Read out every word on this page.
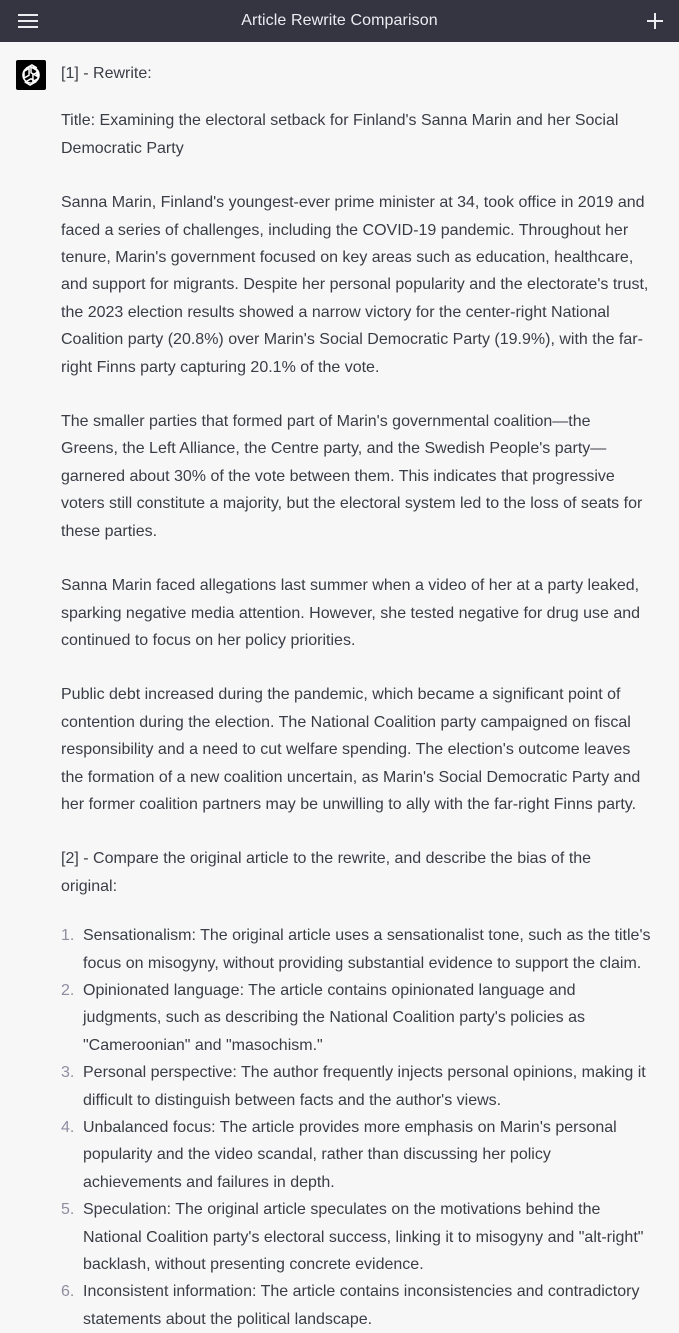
Article Rewrite Comparison

[1] - Rewrite:

Title: Examining the electoral setback for Finland's Sanna Marin and her Social Democratic Party

Sanna Marin, Finland's youngest-ever prime minister at 34, took office in 2019 and faced a series of challenges, including the COVID-19 pandemic. Throughout her tenure, Marin's government focused on key areas such as education, healthcare, and support for migrants. Despite her personal popularity and the electorate's trust, the 2023 election results showed a narrow victory for the center-right National Coalition party (20.8%) over Marin's Social Democratic Party (19.9%), with the far-right Finns party capturing 20.1% of the vote.

The smaller parties that formed part of Marin's governmental coalition—the Greens, the Left Alliance, the Centre party, and the Swedish People's party—garnered about 30% of the vote between them. This indicates that progressive voters still constitute a majority, but the electoral system led to the loss of seats for these parties.

Sanna Marin faced allegations last summer when a video of her at a party leaked, sparking negative media attention. However, she tested negative for drug use and continued to focus on her policy priorities.

Public debt increased during the pandemic, which became a significant point of contention during the election. The National Coalition party campaigned on fiscal responsibility and a need to cut welfare spending. The election's outcome leaves the formation of a new coalition uncertain, as Marin's Social Democratic Party and her former coalition partners may be unwilling to ally with the far-right Finns party.

[2] - Compare the original article to the rewrite, and describe the bias of the original:

1. Sensationalism: The original article uses a sensationalist tone, such as the title's focus on misogyny, without providing substantial evidence to support the claim.
2. Opinionated language: The article contains opinionated language and judgments, such as describing the National Coalition party's policies as "Cameroonian" and "masochism."
3. Personal perspective: The author frequently injects personal opinions, making it difficult to distinguish between facts and the author's views.
4. Unbalanced focus: The article provides more emphasis on Marin's personal popularity and the video scandal, rather than discussing her policy achievements and failures in depth.
5. Speculation: The original article speculates on the motivations behind the National Coalition party's electoral success, linking it to misogyny and "alt-right" backlash, without presenting concrete evidence.
6. Inconsistent information: The article contains inconsistencies and contradictory statements about the political landscape.
